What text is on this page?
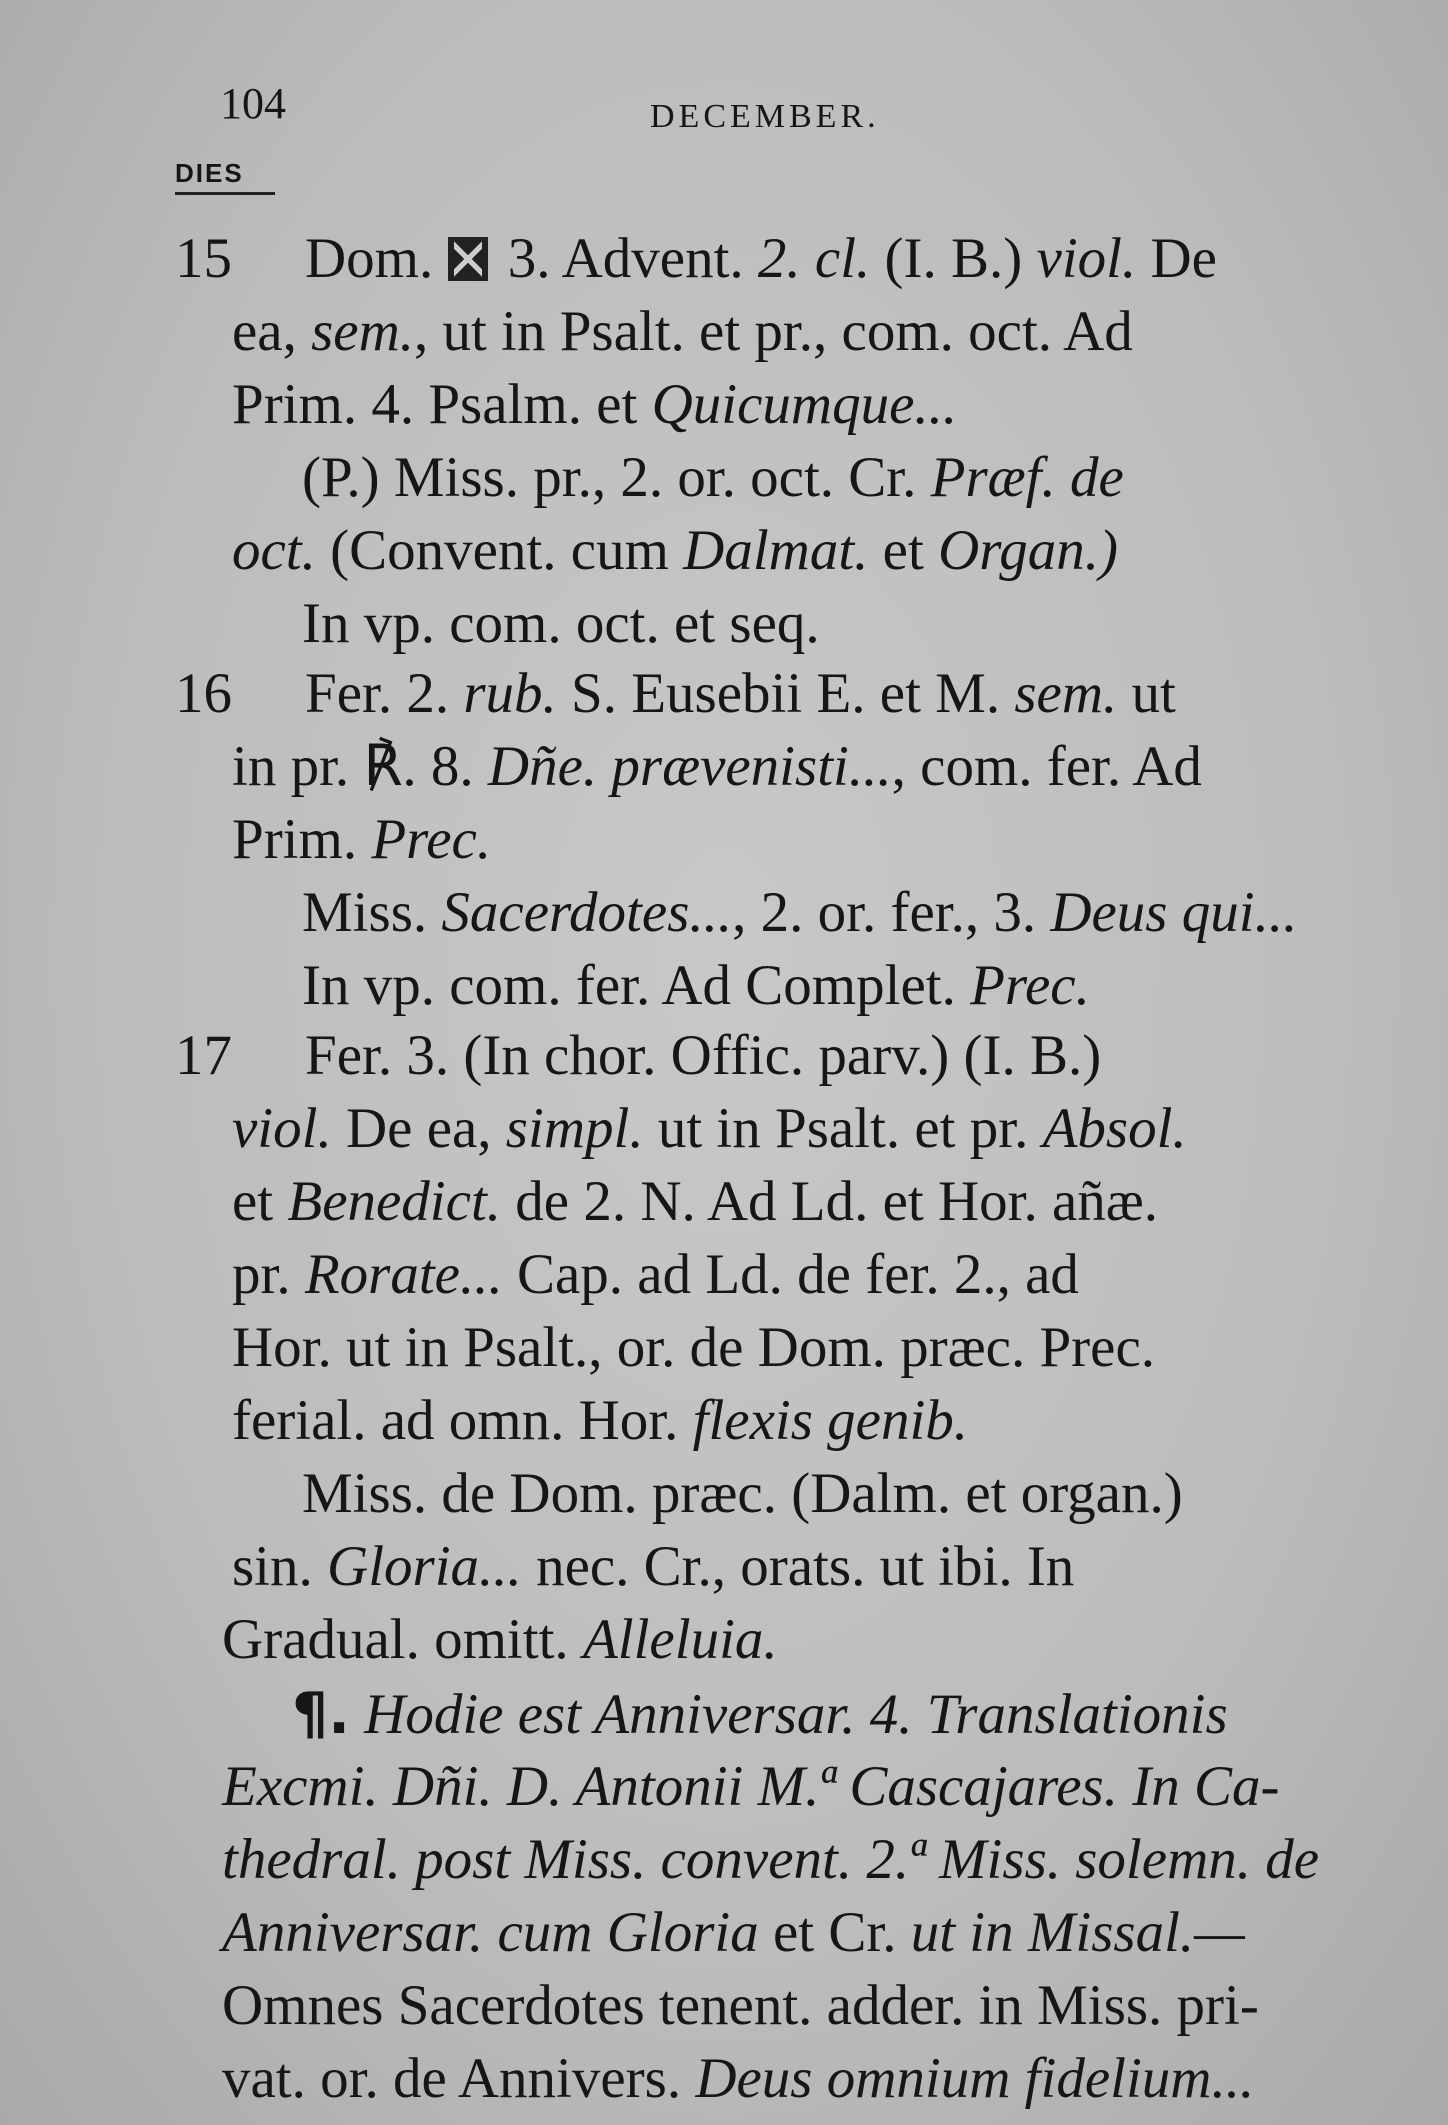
104	DECEMBER.
DIES
15 Dom.  3. Advent. 2. cl. (I. B.) viol. De
ea, sem., ut in Psalt. et pr., com. oct. Ad
Prim. 4. Psalm. et Quicumque...
(P.) Miss. pr., 2. or. oct. Cr. Præf. de
oct. (Convent. cum Dalmat. et Organ.)
In vp. com. oct. et seq.
16 Fer. 2. rub. S. Eusebii E. et M. sem. ut
in pr. ℟. 8. Dñe. prævenisti..., com. fer. Ad
Prim. Prec.
Miss. Sacerdotes..., 2. or. fer., 3. Deus qui...
In vp. com. fer. Ad Complet. Prec.
17 Fer. 3. (In chor. Offic. parv.) (I. B.)
viol. De ea, simpl. ut in Psalt. et pr. Absol.
et Benedict. de 2. N. Ad Ld. et Hor. añæ.
pr. Rorate... Cap. ad Ld. de fer. 2., ad
Hor. ut in Psalt., or. de Dom. præc. Prec.
ferial. ad omn. Hor. flexis genib.
Miss. de Dom. præc. (Dalm. et organ.)
sin. Gloria... nec. Cr., orats. ut ibi. In
Gradual. omitt. Alleluia.
¶. Hodie est Anniversar. 4. Translationis
Excmi. Dñi. D. Antonii M.ª Cascajares. In Ca-
thedral. post Miss. convent. 2.ª Miss. solemn. de
Anniversar. cum Gloria et Cr. ut in Missal.—
Omnes Sacerdotes tenent. adder. in Miss. pri-
vat. or. de Annivers. Deus omnium fidelium...
